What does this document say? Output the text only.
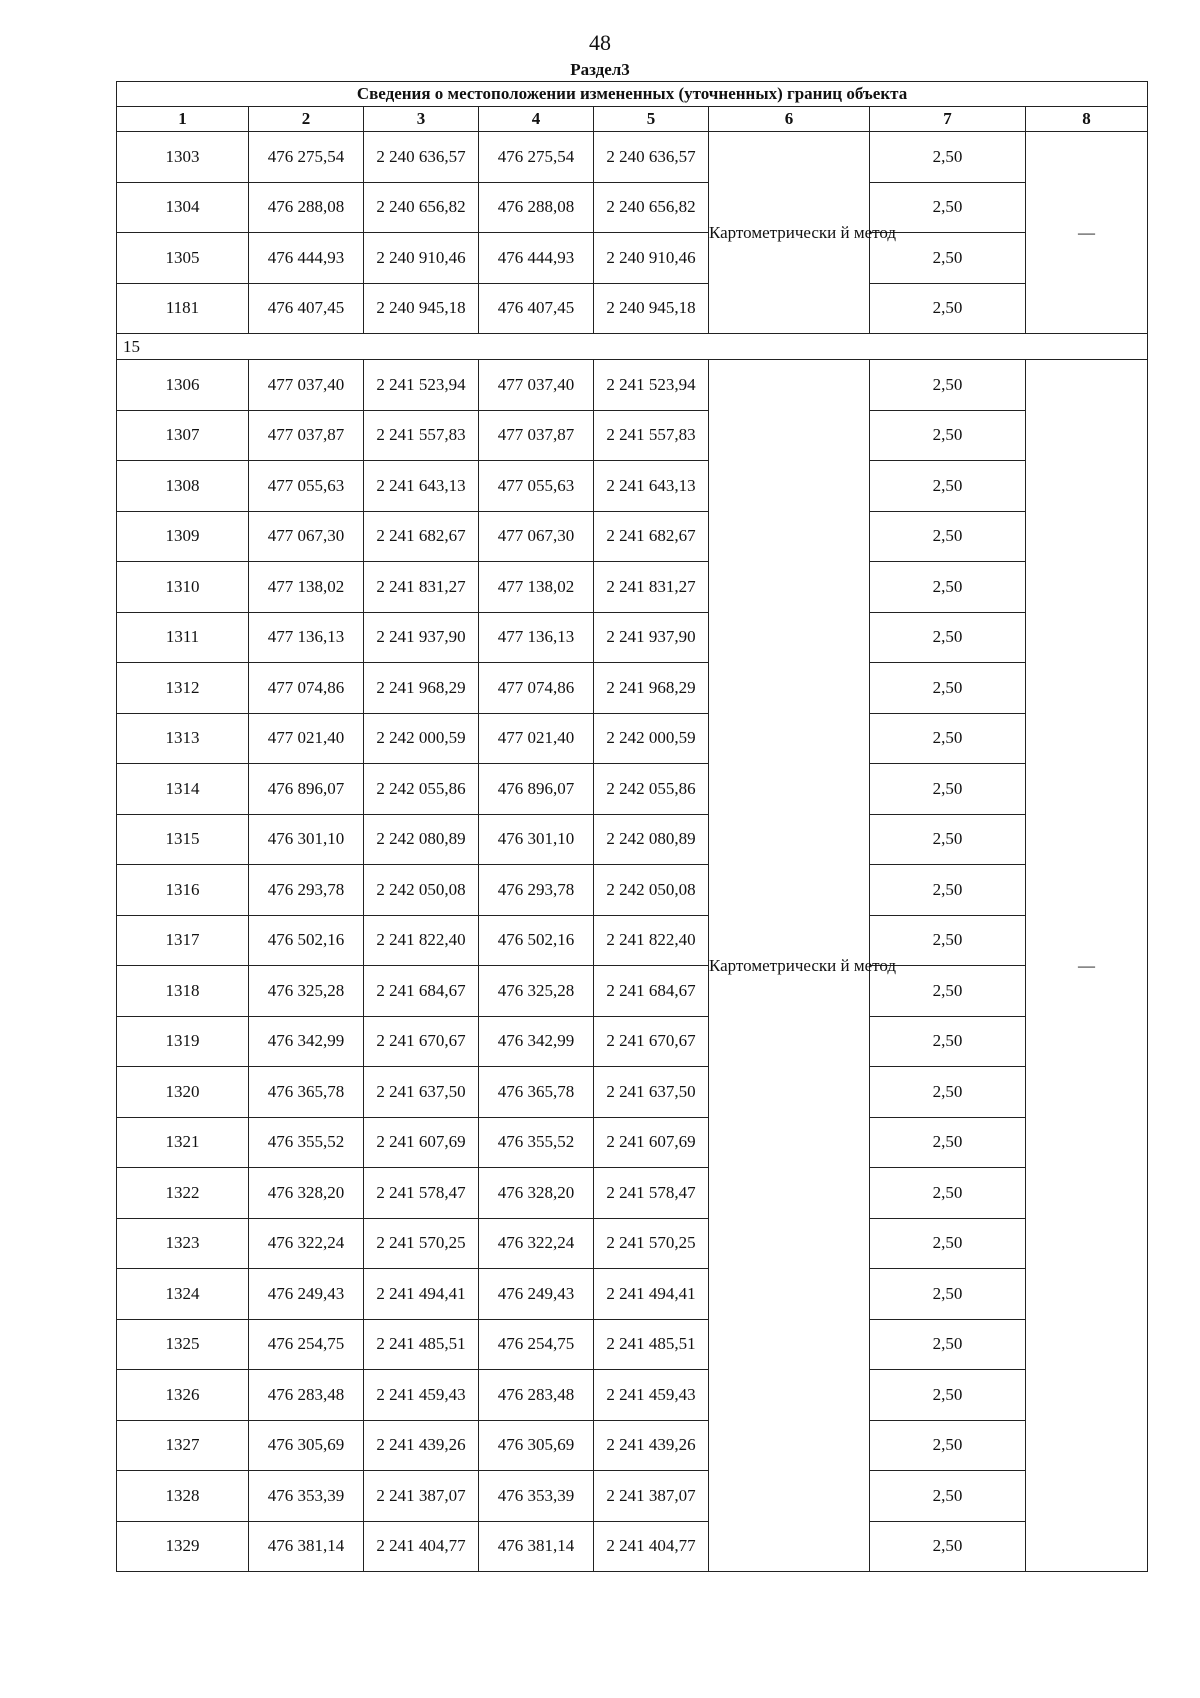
48
Раздел3
Сведения о местоположении измененных (уточненных) границ объекта							
1	2	3	4	5	6	7	8
1303	476 275,54	2 240 636,57	476 275,54	2 240 636,57	Картометрически й метод	2,50	—
1304	476 288,08	2 240 656,82	476 288,08	2 240 656,82		2,50	
1305	476 444,93	2 240 910,46	476 444,93	2 240 910,46		2,50	
1181	476 407,45	2 240 945,18	476 407,45	2 240 945,18		2,50	
15							
1306	477 037,40	2 241 523,94	477 037,40	2 241 523,94	Картометрически й метод	2,50	—
1307	477 037,87	2 241 557,83	477 037,87	2 241 557,83		2,50	
1308	477 055,63	2 241 643,13	477 055,63	2 241 643,13		2,50	
1309	477 067,30	2 241 682,67	477 067,30	2 241 682,67		2,50	
1310	477 138,02	2 241 831,27	477 138,02	2 241 831,27		2,50	
1311	477 136,13	2 241 937,90	477 136,13	2 241 937,90		2,50	
1312	477 074,86	2 241 968,29	477 074,86	2 241 968,29		2,50	
1313	477 021,40	2 242 000,59	477 021,40	2 242 000,59		2,50	
1314	476 896,07	2 242 055,86	476 896,07	2 242 055,86		2,50	
1315	476 301,10	2 242 080,89	476 301,10	2 242 080,89		2,50	
1316	476 293,78	2 242 050,08	476 293,78	2 242 050,08		2,50	
1317	476 502,16	2 241 822,40	476 502,16	2 241 822,40		2,50	
1318	476 325,28	2 241 684,67	476 325,28	2 241 684,67		2,50	
1319	476 342,99	2 241 670,67	476 342,99	2 241 670,67		2,50	
1320	476 365,78	2 241 637,50	476 365,78	2 241 637,50		2,50	
1321	476 355,52	2 241 607,69	476 355,52	2 241 607,69		2,50	
1322	476 328,20	2 241 578,47	476 328,20	2 241 578,47		2,50	
1323	476 322,24	2 241 570,25	476 322,24	2 241 570,25		2,50	
1324	476 249,43	2 241 494,41	476 249,43	2 241 494,41		2,50	
1325	476 254,75	2 241 485,51	476 254,75	2 241 485,51		2,50	
1326	476 283,48	2 241 459,43	476 283,48	2 241 459,43		2,50	
1327	476 305,69	2 241 439,26	476 305,69	2 241 439,26		2,50	
1328	476 353,39	2 241 387,07	476 353,39	2 241 387,07		2,50	
1329	476 381,14	2 241 404,77	476 381,14	2 241 404,77		2,50	
